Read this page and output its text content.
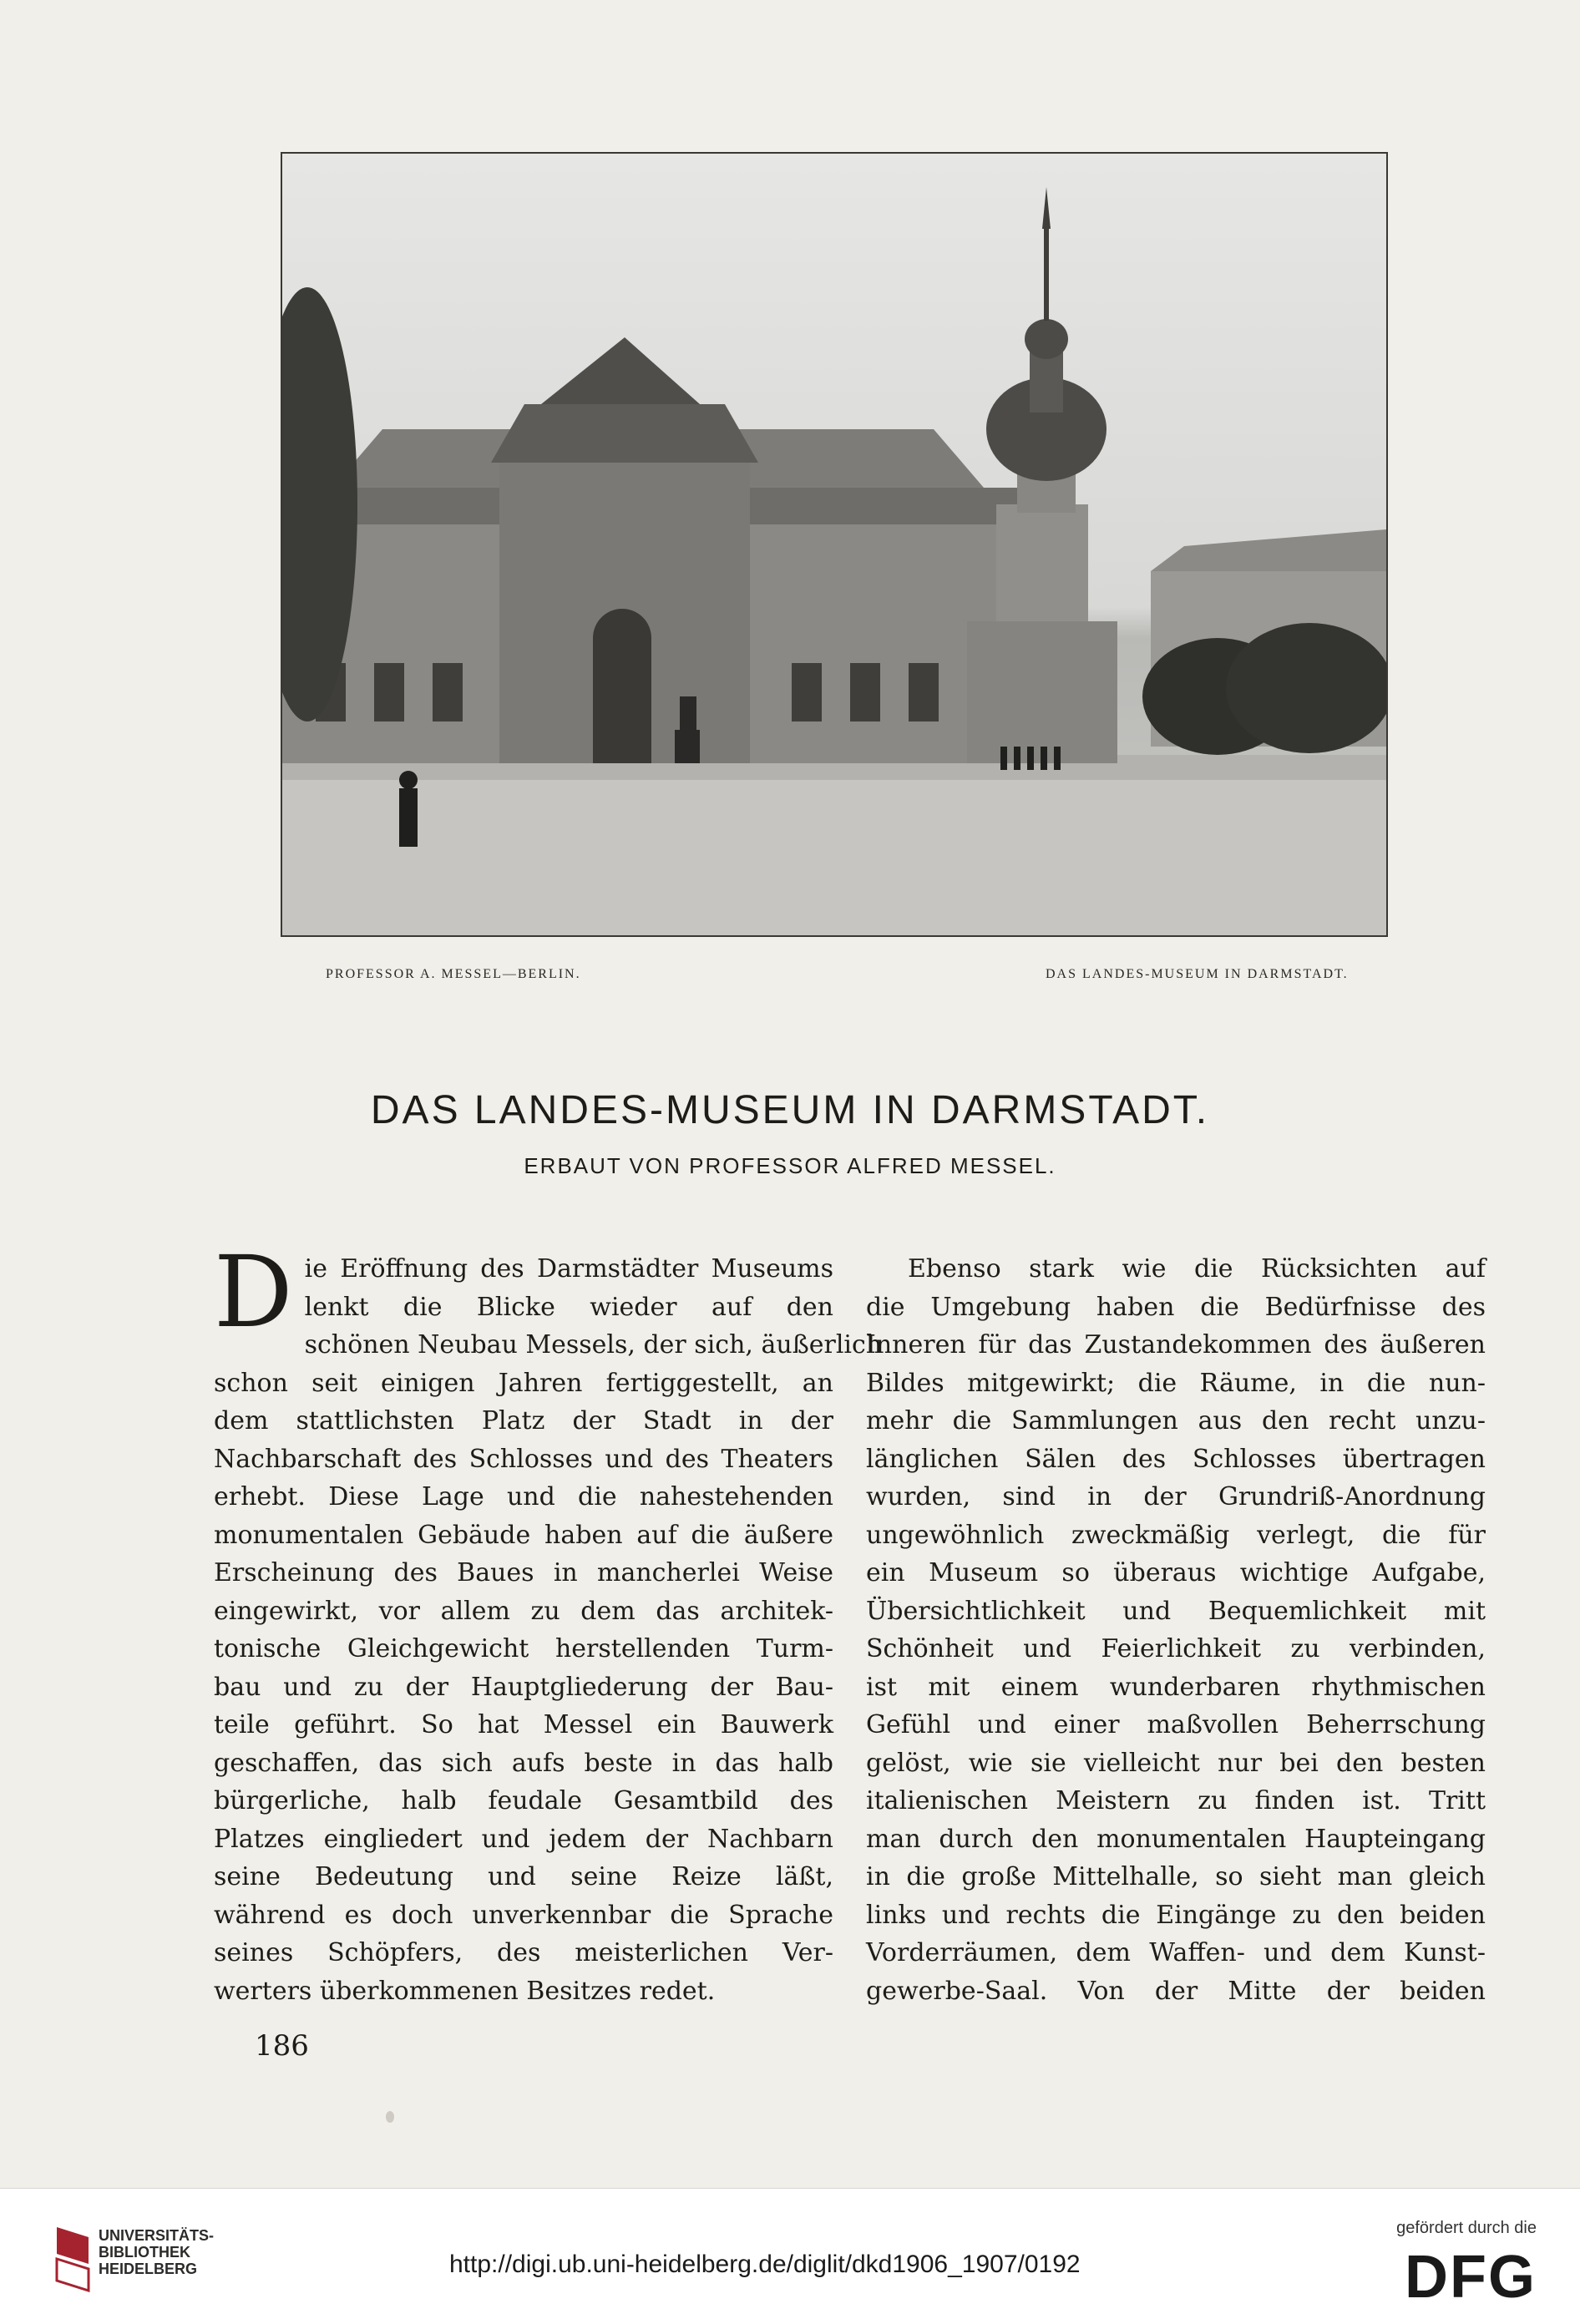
PROFESSOR A. MESSEL—BERLIN.	DAS LANDES-MUSEUM IN DARMSTADT.
DAS LANDES-MUSEUM IN DARMSTADT.
ERBAUT VON PROFESSOR ALFRED MESSEL.
D ie Eröffnung des Darmstädter Museums
lenkt die Blicke wieder auf den
schönen Neubau Messels, der sich, äußerlich
schon seit einigen Jahren fertiggestellt, an
dem stattlichsten Platz der Stadt in der
Nachbarschaft des Schlosses und des Theaters
erhebt. Diese Lage und die nahestehenden
monumentalen Gebäude haben auf die äußere
Erscheinung des Baues in mancherlei Weise
eingewirkt, vor allem zu dem das architek-
tonische Gleichgewicht herstellenden Turm-
bau und zu der Hauptgliederung der Bau-
teile geführt. So hat Messel ein Bauwerk
geschaffen, das sich aufs beste in das halb
bürgerliche, halb feudale Gesamtbild des
Platzes eingliedert und jedem der Nachbarn
seine Bedeutung und seine Reize läßt,
während es doch unverkennbar die Sprache
seines Schöpfers, des meisterlichen Ver-
werters überkommenen Besitzes redet.
Ebenso stark wie die Rücksichten auf
die Umgebung haben die Bedürfnisse des
Inneren für das Zustandekommen des äußeren
Bildes mitgewirkt; die Räume, in die nun-
mehr die Sammlungen aus den recht unzu-
länglichen Sälen des Schlosses übertragen
wurden, sind in der Grundriß-Anordnung
ungewöhnlich zweckmäßig verlegt, die für
ein Museum so überaus wichtige Aufgabe,
Übersichtlichkeit und Bequemlichkeit mit
Schönheit und Feierlichkeit zu verbinden,
ist mit einem wunderbaren rhythmischen
Gefühl und einer maßvollen Beherrschung
gelöst, wie sie vielleicht nur bei den besten
italienischen Meistern zu finden ist. Tritt
man durch den monumentalen Haupteingang
in die große Mittelhalle, so sieht man gleich
links und rechts die Eingänge zu den beiden
Vorderräumen, dem Waffen- und dem Kunst-
gewerbe-Saal. Von der Mitte der beiden
186
UNIVERSITÄTS-
BIBLIOTHEK
HEIDELBERG	http://digi.ub.uni-heidelberg.de/diglit/dkd1906_1907/0192
gefördert durch die
DFG
